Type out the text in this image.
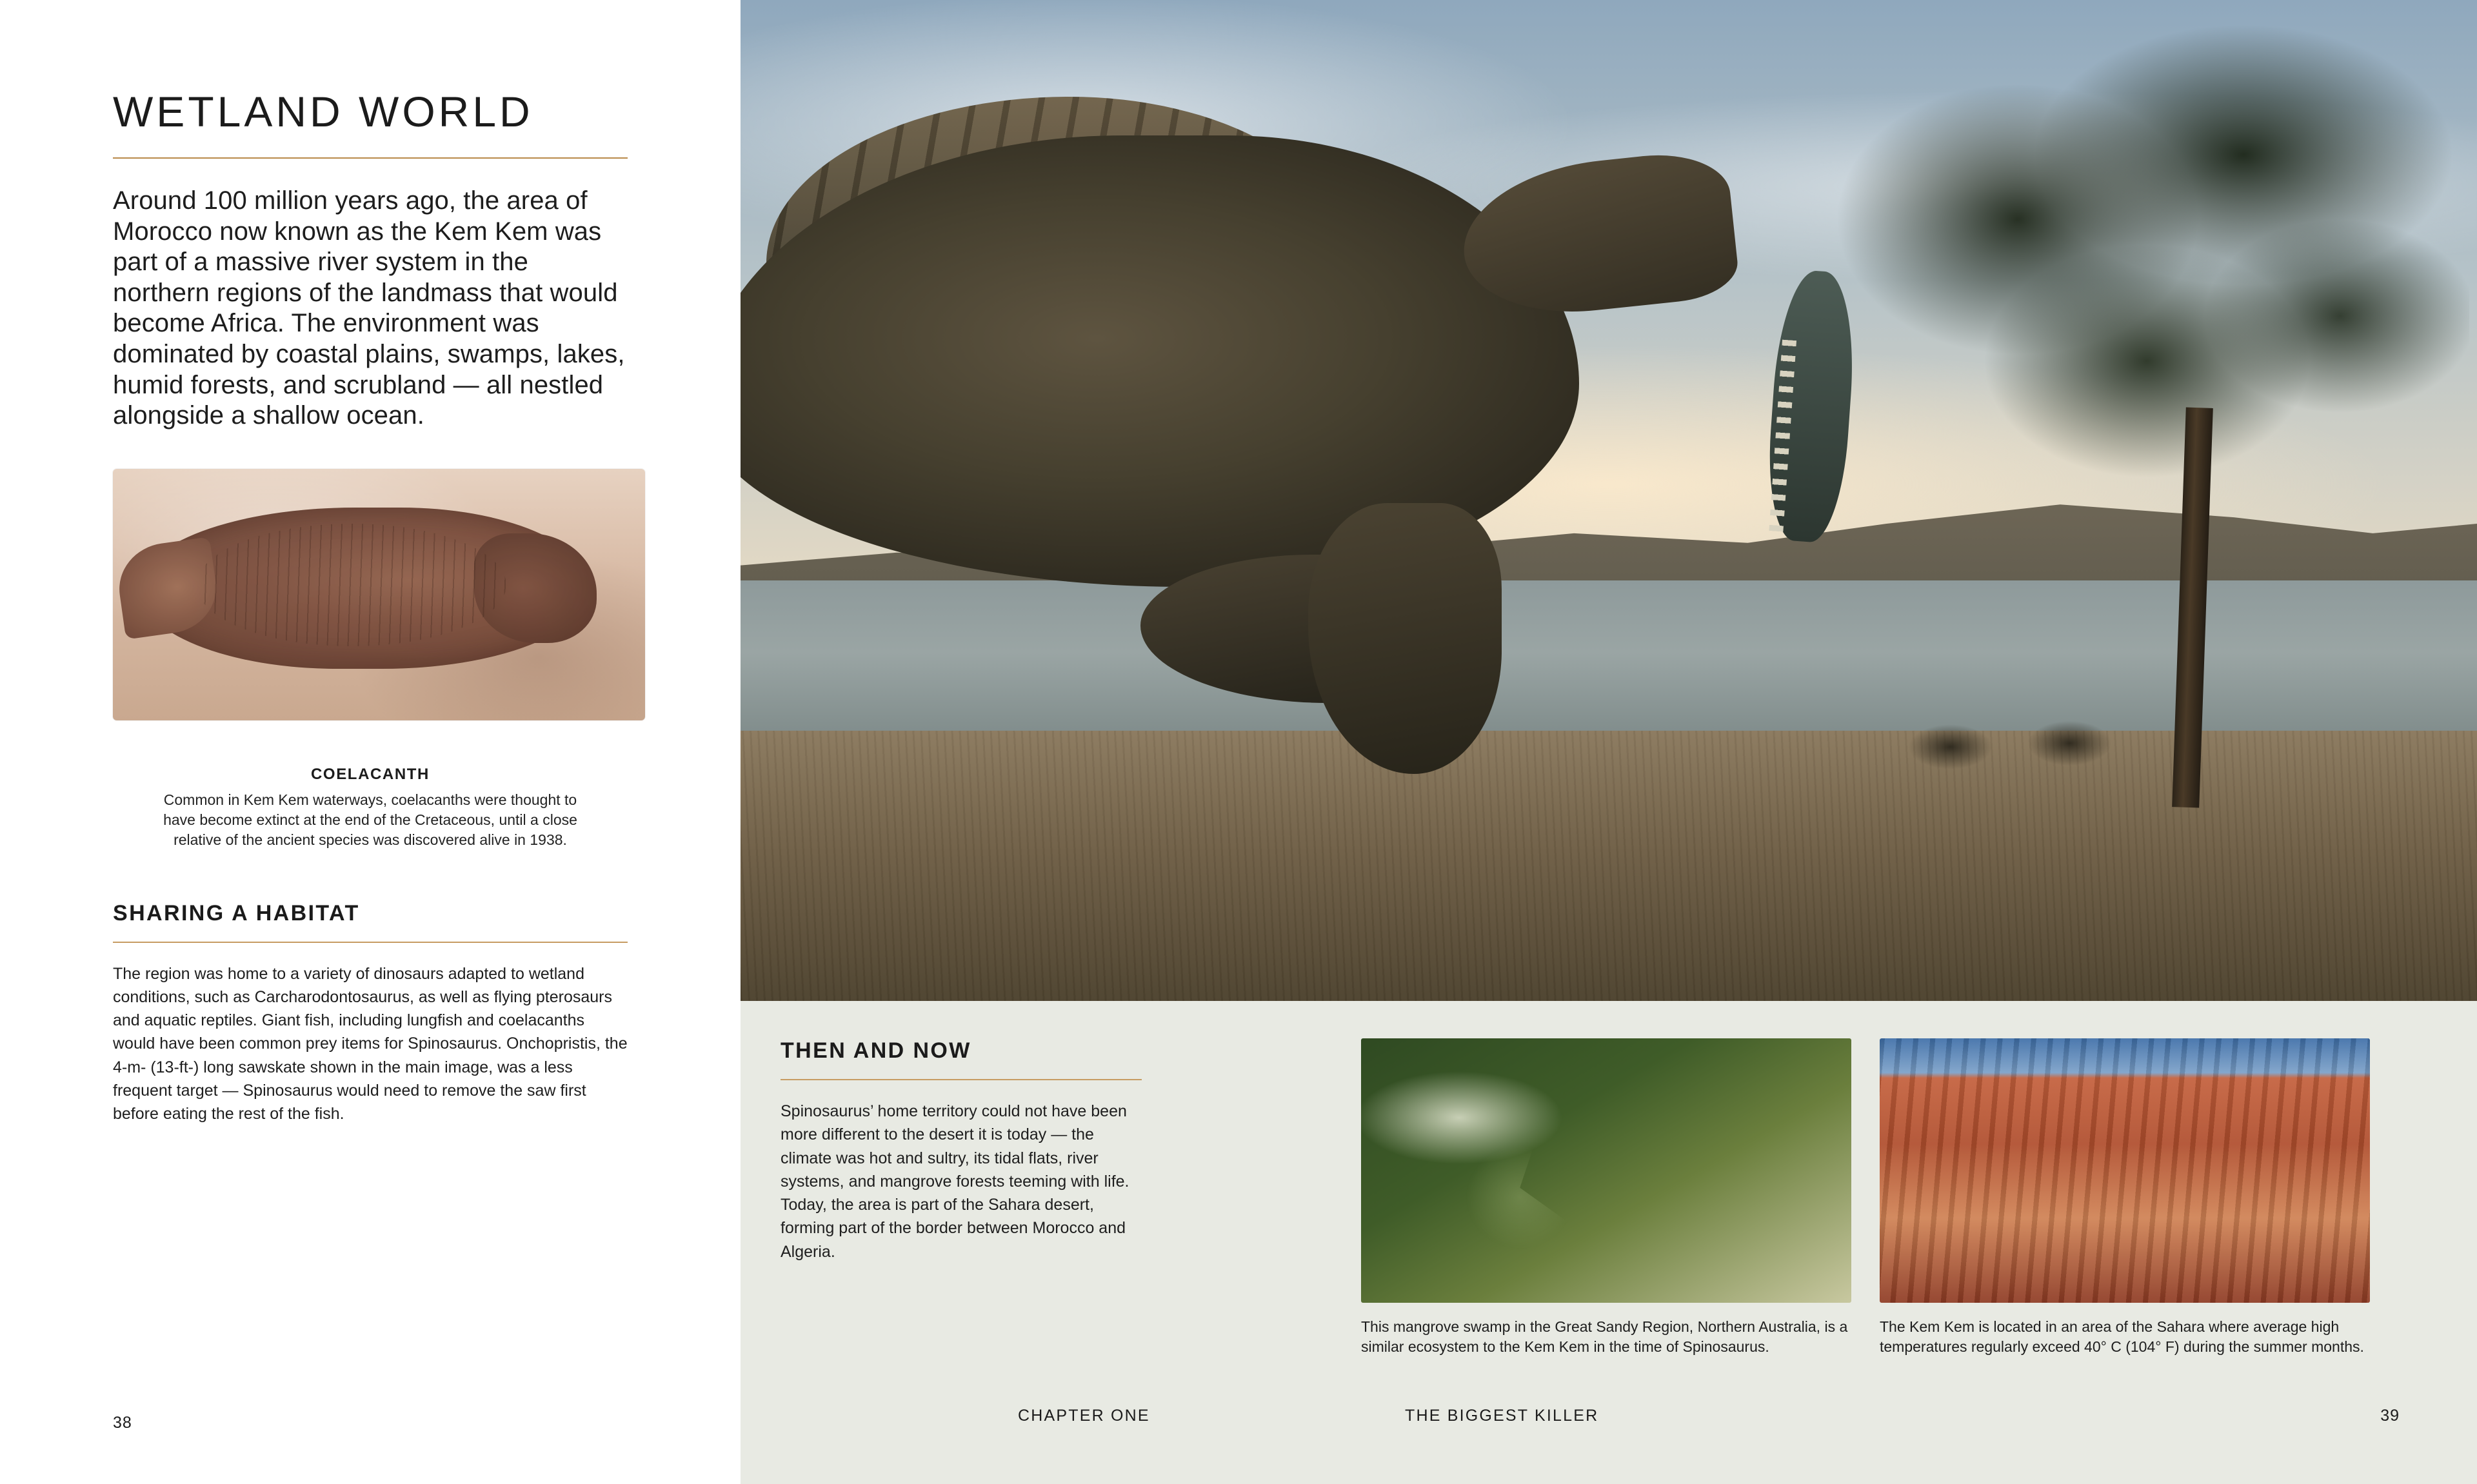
WETLAND WORLD

Around 100 million years ago, the area of Morocco now known as the Kem Kem was part of a massive river system in the northern regions of the landmass that would become Africa. The environment was dominated by coastal plains, swamps, lakes, humid forests, and scrubland — all nestled alongside a shallow ocean.

COELACANTH
Common in Kem Kem waterways, coelacanths were thought to have become extinct at the end of the Cretaceous, until a close relative of the ancient species was discovered alive in 1938.
SHARING A HABITAT

The region was home to a variety of dinosaurs adapted to wetland conditions, such as Carcharodontosaurus, as well as flying pterosaurs and aquatic reptiles. Giant fish, including lungfish and coelacanths would have been common prey items for Spinosaurus. Onchopristis, the 4-m- (13-ft-) long sawskate shown in the main image, was a less frequent target — Spinosaurus would need to remove the saw first before eating the rest of the fish.

38
THEN AND NOW

Spinosaurus’ home territory could not have been more different to the desert it is today — the climate was hot and sultry, its tidal flats, river systems, and mangrove forests teeming with life. Today, the area is part of the Sahara desert, forming part of the border between Morocco and Algeria.

This mangrove swamp in the Great Sandy Region, Northern Australia, is a similar ecosystem to the Kem Kem in the time of Spinosaurus.
The Kem Kem is located in an area of the Sahara where average high temperatures regularly exceed 40° C (104° F) during the summer months.
CHAPTER ONE	THE BIGGEST KILLER	39
